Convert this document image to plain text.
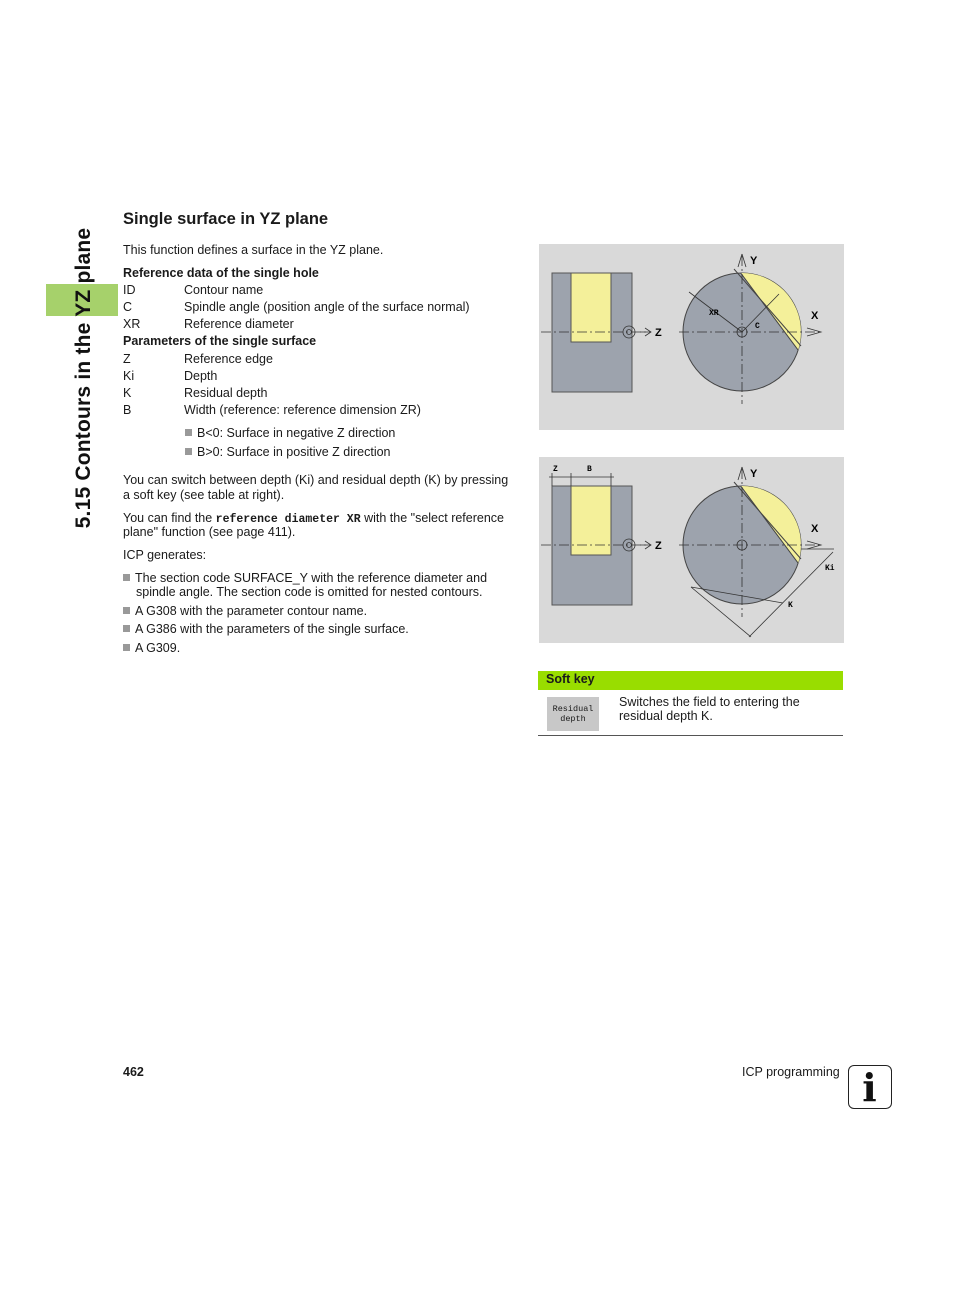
5.15 Contours in the YZ plane
Single surface in YZ plane
This function defines a surface in the YZ plane.
Reference data of the single hole
ID	Contour name
C	Spindle angle (position angle of the surface normal)
XR	Reference diameter
Parameters of the single surface
Z	Reference edge
Ki	Depth
K	Residual depth
B	Width (reference: reference dimension ZR)
B<0: Surface in negative Z direction
B>0: Surface in positive Z direction
You can switch between depth (Ki) and residual depth (K) by pressing
a soft key (see table at right).
You can find the reference diameter XR with the "select reference
plane" function (see page 411).
ICP generates:
The section code SURFACE_Y with the reference diameter and
spindle angle. The section code is omitted for nested contours.
A G308 with the parameter contour name.
A G386 with the parameters of the single surface.
A G309.
Z
Y
X
XR
C
Z	B
Z
Y
X
Ki
K
Soft key
Residual
depth
Switches the field to entering the
residual depth K.
462	ICP programming i
